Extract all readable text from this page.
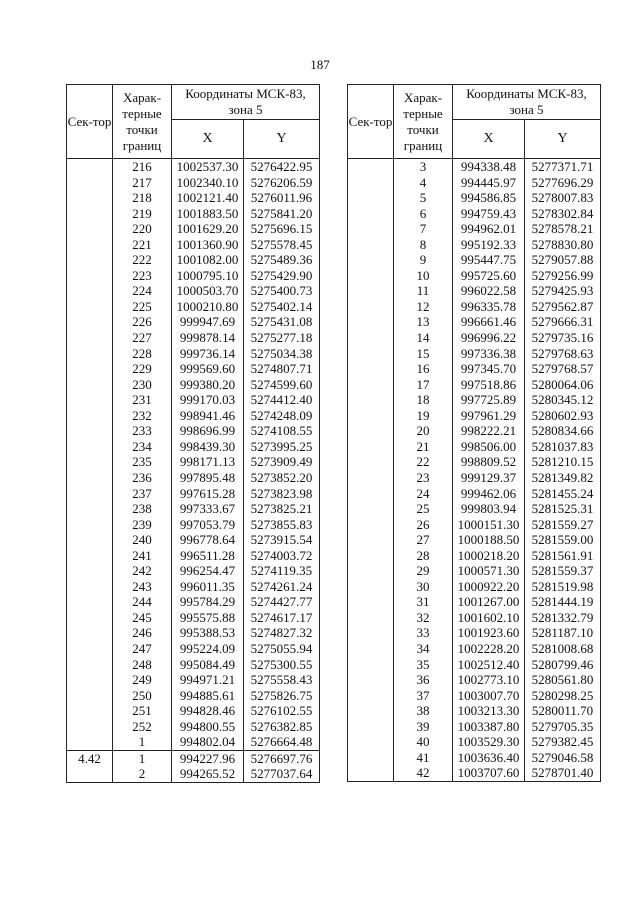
187
Сек-тор	Харак-терные точки границ	Координаты МСК-83, зона 5	
		X	Y
	216	1002537.30	5276422.95
	217	1002340.10	5276206.59
	218	1002121.40	5276011.96
	219	1001883.50	5275841.20
	220	1001629.20	5275696.15
	221	1001360.90	5275578.45
	222	1001082.00	5275489.36
	223	1000795.10	5275429.90
	224	1000503.70	5275400.73
	225	1000210.80	5275402.14
	226	999947.69	5275431.08
	227	999878.14	5275277.18
	228	999736.14	5275034.38
	229	999569.60	5274807.71
	230	999380.20	5274599.60
	231	999170.03	5274412.40
	232	998941.46	5274248.09
	233	998696.99	5274108.55
	234	998439.30	5273995.25
	235	998171.13	5273909.49
	236	997895.48	5273852.20
	237	997615.28	5273823.98
	238	997333.67	5273825.21
	239	997053.79	5273855.83
	240	996778.64	5273915.54
	241	996511.28	5274003.72
	242	996254.47	5274119.35
	243	996011.35	5274261.24
	244	995784.29	5274427.77
	245	995575.88	5274617.17
	246	995388.53	5274827.32
	247	995224.09	5275055.94
	248	995084.49	5275300.55
	249	994971.21	5275558.43
	250	994885.61	5275826.75
	251	994828.46	5276102.55
	252	994800.55	5276382.85
	1	994802.04	5276664.48
4.42	1	994227.96	5276697.76
	2	994265.52	5277037.64
Сек-тор	Харак-терные точки границ	Координаты МСК-83, зона 5	
		X	Y
	3	994338.48	5277371.71
	4	994445.97	5277696.29
	5	994586.85	5278007.83
	6	994759.43	5278302.84
	7	994962.01	5278578.21
	8	995192.33	5278830.80
	9	995447.75	5279057.88
	10	995725.60	5279256.99
	11	996022.58	5279425.93
	12	996335.78	5279562.87
	13	996661.46	5279666.31
	14	996996.22	5279735.16
	15	997336.38	5279768.63
	16	997345.70	5279768.57
	17	997518.86	5280064.06
	18	997725.89	5280345.12
	19	997961.29	5280602.93
	20	998222.21	5280834.66
	21	998506.00	5281037.83
	22	998809.52	5281210.15
	23	999129.37	5281349.82
	24	999462.06	5281455.24
	25	999803.94	5281525.31
	26	1000151.30	5281559.27
	27	1000188.50	5281559.00
	28	1000218.20	5281561.91
	29	1000571.30	5281559.37
	30	1000922.20	5281519.98
	31	1001267.00	5281444.19
	32	1001602.10	5281332.79
	33	1001923.60	5281187.10
	34	1002228.20	5281008.68
	35	1002512.40	5280799.46
	36	1002773.10	5280561.80
	37	1003007.70	5280298.25
	38	1003213.30	5280011.70
	39	1003387.80	5279705.35
	40	1003529.30	5279382.45
	41	1003636.40	5279046.58
	42	1003707.60	5278701.40
